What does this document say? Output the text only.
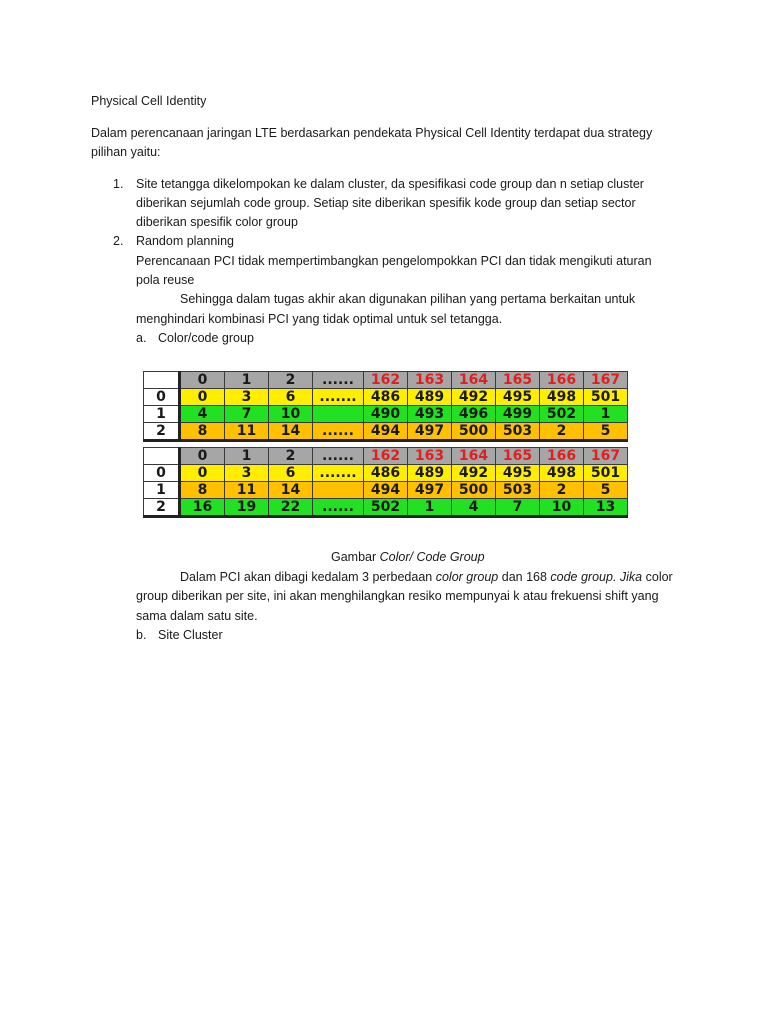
Physical Cell Identity
Dalam perencanaan jaringan LTE berdasarkan pendekata Physical Cell Identity terdapat dua strategy
pilihan yaitu:
1. Site tetangga dikelompokan ke dalam cluster, da spesifikasi code group dan n setiap cluster
diberikan sejumlah code group. Setiap site diberikan spesifik kode group dan setiap sector
diberikan spesifik color group
2. Random planning
Perencanaan PCI tidak mempertimbangkan pengelompokkan PCI dan tidak mengikuti aturan
pola reuse
Sehingga dalam tugas akhir akan digunakan pilihan yang pertama berkaitan untuk
menghindari kombinasi PCI yang tidak optimal untuk sel tetangga.
a. Color/code group
	0	1	2	......	162	163	164	165	166	167
0	0	3	6	.......	486	489	492	495	498	501
1	4	7	10		490	493	496	499	502	1
2	8	11	14	......	494	497	500	503	2	5
	0	1	2	......	162	163	164	165	166	167
0	0	3	6	.......	486	489	492	495	498	501
1	8	11	14		494	497	500	503	2	5
2	16	19	22	......	502	1	4	7	10	13
Gambar Color/ Code Group
Dalam PCI akan dibagi kedalam 3 perbedaan color group dan 168 code group. Jika color
group diberikan per site, ini akan menghilangkan resiko mempunyai k atau frekuensi shift yang
sama dalam satu site.
b. Site Cluster
